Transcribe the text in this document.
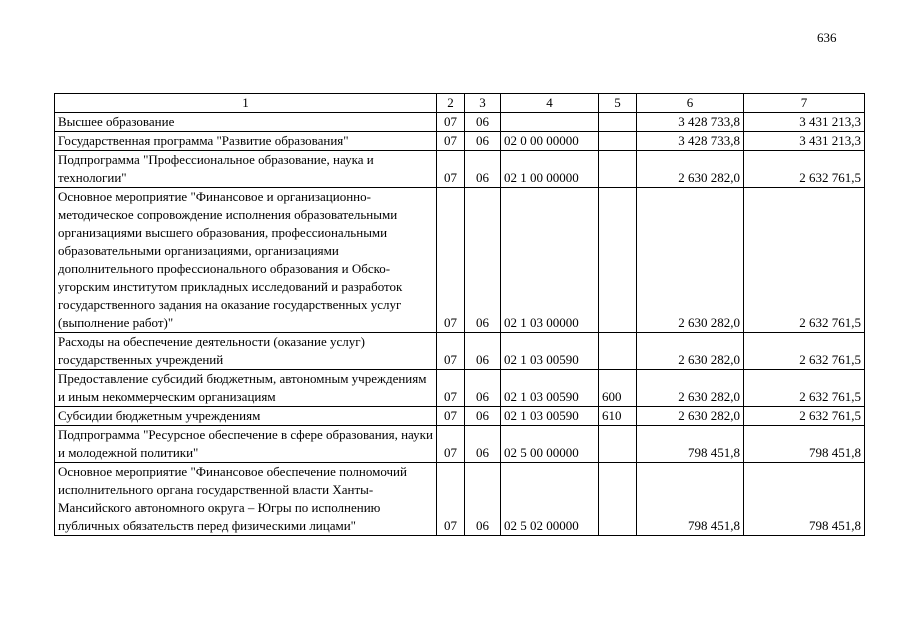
636
1	2	3	4	5	6	7
Высшее образование	07	06			3 428 733,8	3 431 213,3
Государственная программа "Развитие образования"	07	06	02 0 00 00000		3 428 733,8	3 431 213,3
Подпрограмма "Профессиональное образование, наука и технологии"	07	06	02 1 00 00000		2 630 282,0	2 632 761,5
Основное мероприятие "Финансовое и организационно-методическое сопровождение исполнения образовательными организациями высшего образования, профессиональными образовательными организациями, организациями дополнительного профессионального образования и Обско-угорским институтом прикладных исследований и разработок государственного задания на оказание государственных услуг (выполнение работ)"	07	06	02 1 03 00000		2 630 282,0	2 632 761,5
Расходы на обеспечение деятельности (оказание услуг) государственных учреждений	07	06	02 1 03 00590		2 630 282,0	2 632 761,5
Предоставление субсидий бюджетным, автономным учреждениям и иным некоммерческим организациям	07	06	02 1 03 00590	600	2 630 282,0	2 632 761,5
Субсидии бюджетным учреждениям	07	06	02 1 03 00590	610	2 630 282,0	2 632 761,5
Подпрограмма "Ресурсное обеспечение в сфере образования, науки и молодежной политики"	07	06	02 5 00 00000		798 451,8	798 451,8
Основное мероприятие "Финансовое обеспечение полномочий исполнительного органа государственной власти Ханты-Мансийского автономного округа – Югры по исполнению публичных обязательств перед физическими лицами"	07	06	02 5 02 00000		798 451,8	798 451,8
